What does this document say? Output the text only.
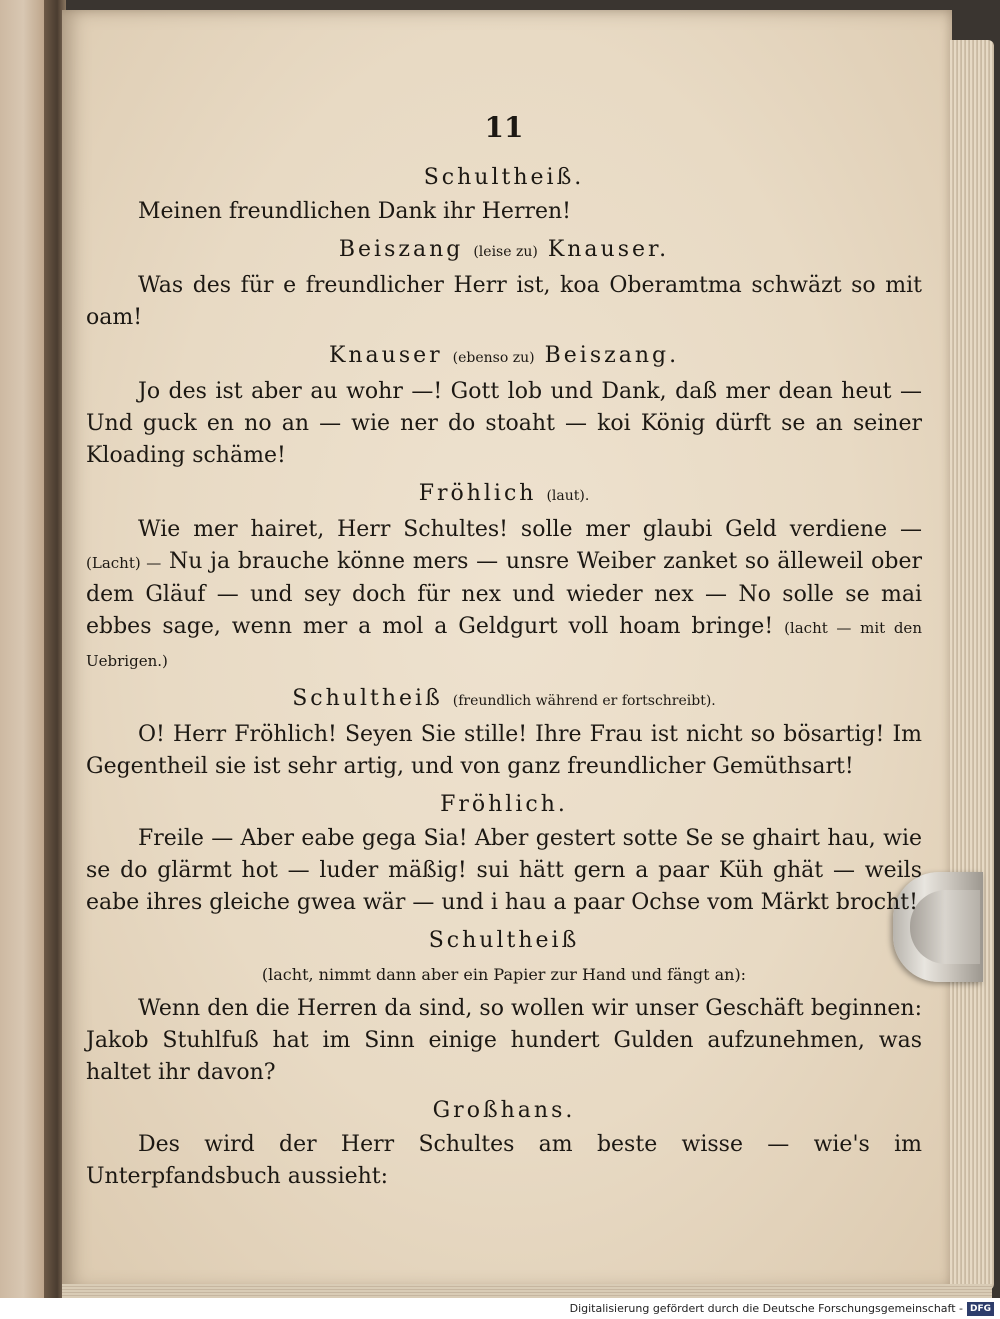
11
Schultheiß.
Meinen freundlichen Dank ihr Herren!
Beiszang (leise zu) Knauser.
Was des für e freundlicher Herr ist, koa Oberamtma schwäzt so mit oam!
Knauser (ebenso zu) Beiszang.
Jo des ist aber au wohr —! Gott lob und Dank, daß mer dean heut — Und guck en no an — wie ner do stoaht — koi König dürft se an seiner Kloading schäme!
Fröhlich (laut).
Wie mer hairet, Herr Schultes! solle mer glaubi Geld verdiene — (Lacht) — Nu ja brauche könne mers — unsre Weiber zanket so älleweil ober dem Gläuf — und sey doch für nex und wieder nex — No solle se mai ebbes sage, wenn mer a mol a Geldgurt voll hoam bringe! (lacht — mit den Uebrigen.)
Schultheiß (freundlich während er fortschreibt).
O! Herr Fröhlich! Seyen Sie stille! Ihre Frau ist nicht so bösartig! Im Gegentheil sie ist sehr artig, und von ganz freundlicher Gemüthsart!
Fröhlich.
Freile — Aber eabe gega Sia! Aber gestert sotte Se se ghairt hau, wie se do glärmt hot — luder mäßig! sui hätt gern a paar Küh ghät — weils eabe ihres gleiche gwea wär — und i hau a paar Ochse vom Märkt brocht!
Schultheiß
(lacht, nimmt dann aber ein Papier zur Hand und fängt an):
Wenn den die Herren da sind, so wollen wir unser Geschäft beginnen: Jakob Stuhlfuß hat im Sinn einige hundert Gulden aufzunehmen, was haltet ihr davon?
Großhans.
Des wird der Herr Schultes am beste wisse — wie's im Unterpfandsbuch aussieht:
Digitalisierung gefördert durch die Deutsche Forschungsgemeinschaft - DFG
